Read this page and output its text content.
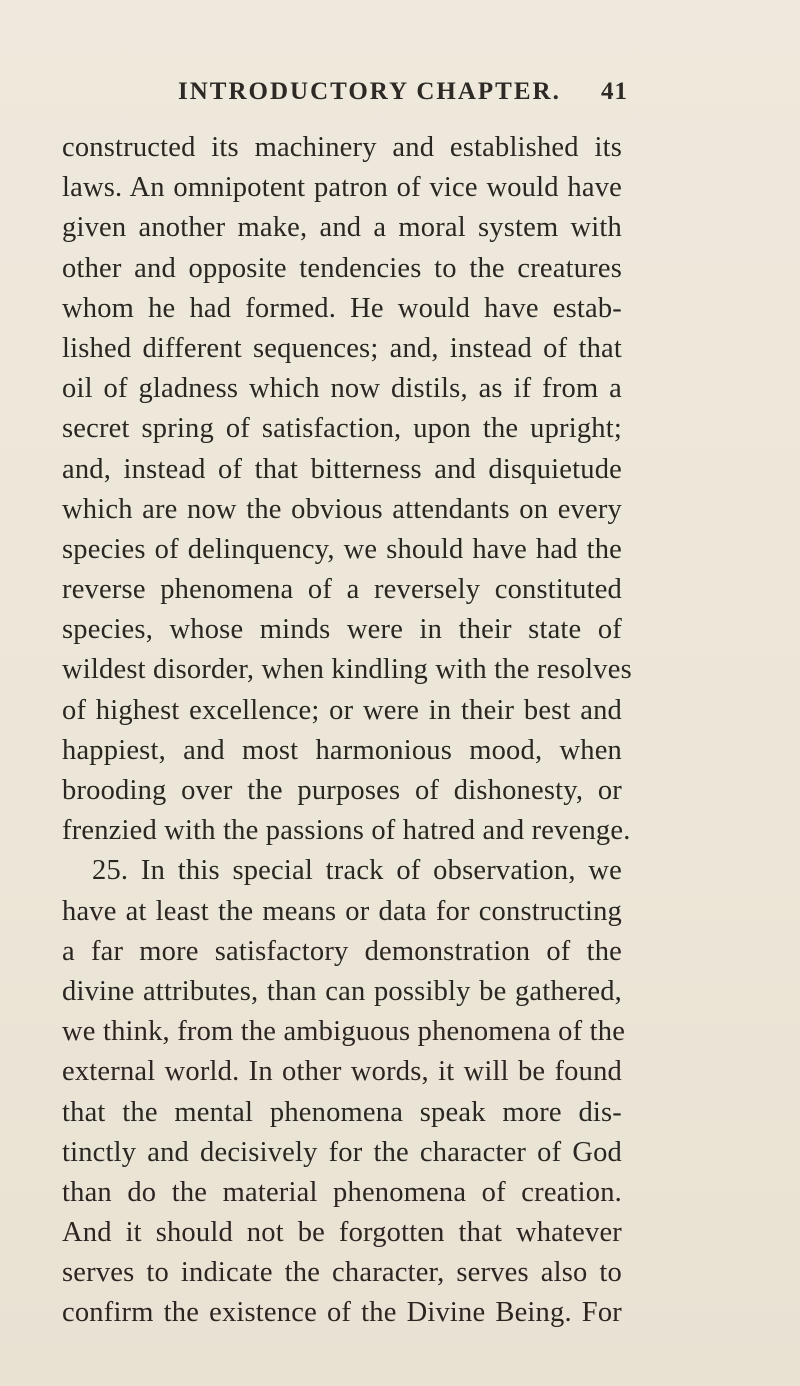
INTRODUCTORY CHAPTER. 41
constructed its machinery and established its
laws. An omnipotent patron of vice would have
given another make, and a moral system with
other and opposite tendencies to the creatures
whom he had formed. He would have estab-
lished different sequences; and, instead of that
oil of gladness which now distils, as if from a
secret spring of satisfaction, upon the upright;
and, instead of that bitterness and disquietude
which are now the obvious attendants on every
species of delinquency, we should have had the
reverse phenomena of a reversely constituted
species, whose minds were in their state of
wildest disorder, when kindling with the resolves
of highest excellence; or were in their best and
happiest, and most harmonious mood, when
brooding over the purposes of dishonesty, or
frenzied with the passions of hatred and revenge.
25. In this special track of observation, we
have at least the means or data for constructing
a far more satisfactory demonstration of the
divine attributes, than can possibly be gathered,
we think, from the ambiguous phenomena of the
external world. In other words, it will be found
that the mental phenomena speak more dis-
tinctly and decisively for the character of God
than do the material phenomena of creation.
And it should not be forgotten that whatever
serves to indicate the character, serves also to
confirm the existence of the Divine Being. For
